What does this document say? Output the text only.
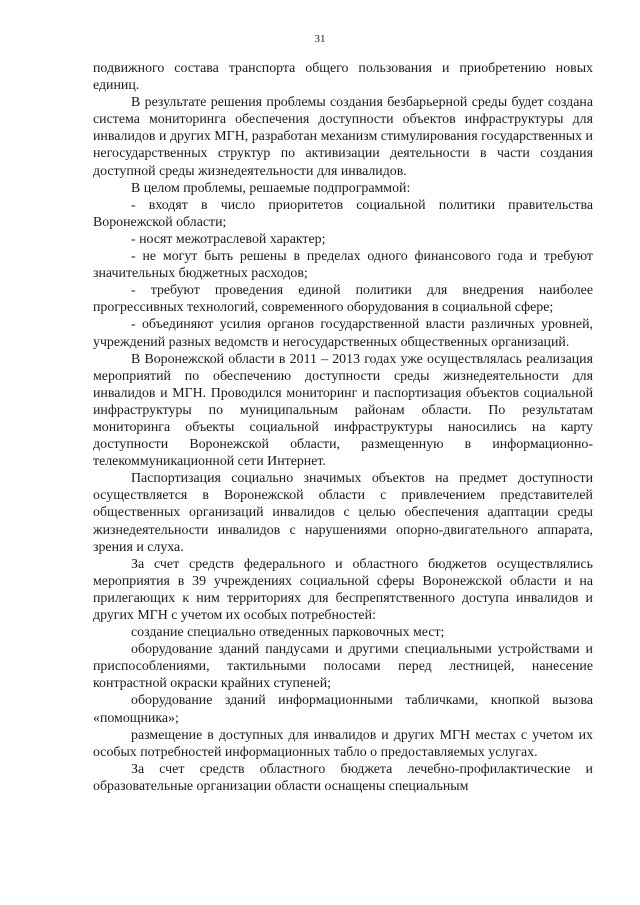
31

подвижного состава транспорта общего пользования и приобретению новых единиц.

В результате решения проблемы создания безбарьерной среды будет создана система мониторинга обеспечения доступности объектов инфраструктуры для инвалидов и других МГН, разработан механизм стимулирования государственных и негосударственных структур по активизации деятельности в части создания доступной среды жизнедеятельности для инвалидов.

В целом проблемы, решаемые подпрограммой:

- входят в число приоритетов социальной политики правительства Воронежской области;

- носят межотраслевой характер;

- не могут быть решены в пределах одного финансового года и требуют значительных бюджетных расходов;

- требуют проведения единой политики для внедрения наиболее прогрессивных технологий, современного оборудования в социальной сфере;

- объединяют усилия органов государственной власти различных уровней, учреждений разных ведомств и негосударственных общественных организаций.

В Воронежской области в 2011 – 2013 годах уже осуществлялась реализация мероприятий по обеспечению доступности среды жизнедеятельности для инвалидов и МГН. Проводился мониторинг и паспортизация объектов социальной инфраструктуры по муниципальным районам области. По результатам мониторинга объекты социальной инфраструктуры наносились на карту доступности Воронежской области, размещенную в информационно-телекоммуникационной сети Интернет.

Паспортизация социально значимых объектов на предмет доступности осуществляется в Воронежской области с привлечением представителей общественных организаций инвалидов с целью обеспечения адаптации среды жизнедеятельности инвалидов с нарушениями опорно-двигательного аппарата, зрения и слуха.

За счет средств федерального и областного бюджетов осуществлялись мероприятия в 39 учреждениях социальной сферы Воронежской области и на прилегающих к ним территориях для беспрепятственного доступа инвалидов и других МГН с учетом их особых потребностей:

создание специально отведенных парковочных мест;

оборудование зданий пандусами и другими специальными устройствами и приспособлениями, тактильными полосами перед лестницей, нанесение контрастной окраски крайних ступеней;

оборудование зданий информационными табличками, кнопкой вызова «помощника»;

размещение в доступных для инвалидов и других МГН местах с учетом их особых потребностей информационных табло о предоставляемых услугах.

За счет средств областного бюджета лечебно-профилактические и образовательные организации области оснащены специальным
